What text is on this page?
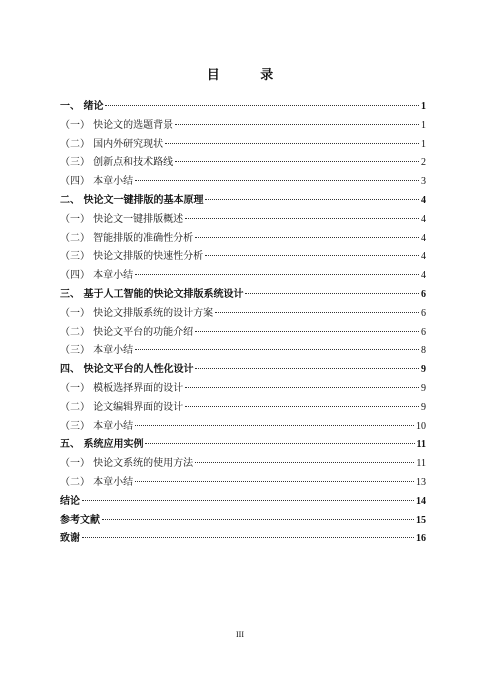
目 录
一、 绪论	1
（一） 快论文的选题背景	1
（二） 国内外研究现状	1
（三） 创新点和技术路线	2
（四） 本章小结	3
二、 快论文一键排版的基本原理	4
（一） 快论文一键排版概述	4
（二） 智能排版的准确性分析	4
（三） 快论文排版的快速性分析	4
（四） 本章小结	4
三、 基于人工智能的快论文排版系统设计	6
（一） 快论文排版系统的设计方案	6
（二） 快论文平台的功能介绍	6
（三） 本章小结	8
四、 快论文平台的人性化设计	9
（一） 模板选择界面的设计	9
（二） 论文编辑界面的设计	9
（三） 本章小结	10
五、 系统应用实例	11
（一） 快论文系统的使用方法	11
（二） 本章小结	13
结论	14
参考文献	15
致谢	16
III
